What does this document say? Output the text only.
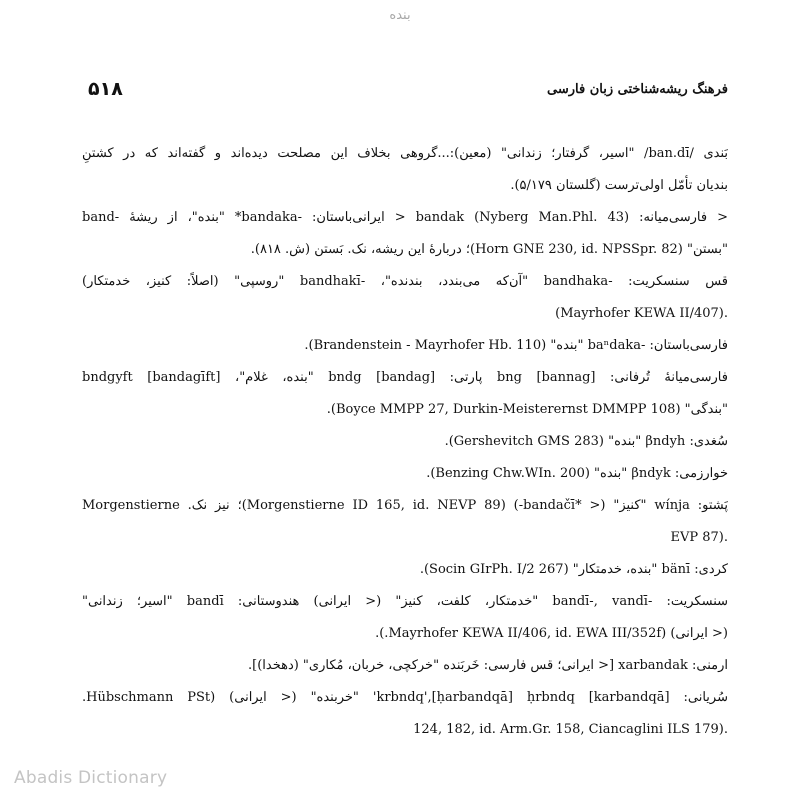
بنده
۵۱۸	فرهنگ ریشه‌شناختی زبان فارسی
بَندی /ban.dī/ "اسیر، گرفتار؛ زندانی" (معین):...گروهی بخلاف این مصلحت دیده‌اند و گفته‌اند که در کشتنِ
بندیان تأمّل اولی‌ترست (گلستان ۵/۱۷۹).
< فارسی‌میانه: (Nyberg Man.Phl. 43) bandak < ایرانی‌باستان: -bandaka* "بنده"، از ریشهٔ -band
"بستن" (Horn GNE 230, id. NPSSpr. 82)؛ دربارهٔ این ریشه، نک. بَستن (ش. ۸۱۸).
قس سنسکریت: -bandhaka "آن‌که می‌بندد، بندنده"، -bandhakī "روسپی" (اصلاً: کنیز، خدمتکار)
(Mayrhofer KEWA II/407).
فارسی‌باستان: -baⁿdaka "بنده" (Brandenstein - Mayrhofer Hb. 110).
فارسی‌میانهٔ تُرفانی: [bannag] bng پارتی: [bandag] bndg "بنده، غلام"، [bandagīft] bndgyft
"بندگی" (Boyce MMPP 27, Durkin-Meisterernst DMMPP 108).
سُغدی: βndyh "بنده" (Gershevitch GMS 283).
خوارزمی: βndyk "بنده" (Benzing Chw.WIn. 200).
پَشتو: wínja "کنیز" (< *bandačī-) (Morgenstierne ID 165, id. NEVP 89)؛ نیز نک. Morgenstierne
EVP 87).
کردی: bänī "بنده، خدمتکار" (Socin GIrPh. I/2 267).
سنسکریت: -bandī-, vandī "خدمتکار، کلفت، کنیز" (< ایرانی) هندوستانی: bandī "اسیر؛ زندانی"
(< ایرانی) (Mayrhofer KEWA II/406, id. EWA III/352f.).
ارمنی: xarbandak [< ایرانی؛ قس فارسی: خَربَنده "خرکچی، خربان، مُکاری" (دهخدا)].
سُریانی: [karbandqā] krbndq',[ḥarbandqā] ḥrbndq' "خربنده" (< ایرانی) (Hübschmann PSt.
124, 182, id. Arm.Gr. 158, Ciancaglini ILS 179).
Abadis Dictionary
